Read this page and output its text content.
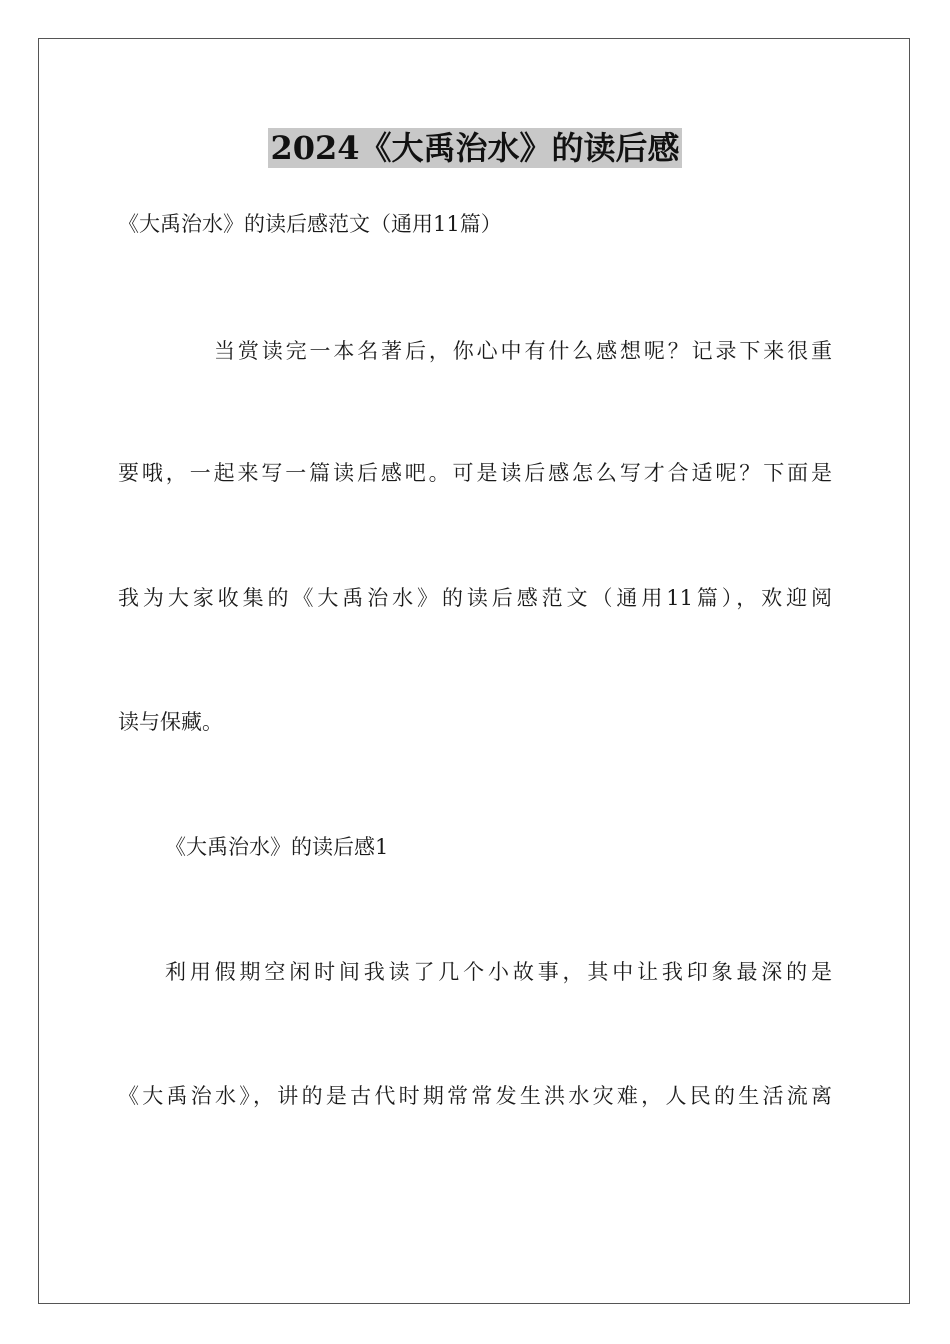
2024《大禹治水》的读后感
《大禹治水》的读后感范文（通用11篇）
当赏读完一本名著后，你心中有什么感想呢？记录下来很重
要哦，一起来写一篇读后感吧。可是读后感怎么写才合适呢？下面是
我为大家收集的《大禹治水》的读后感范文（通用11篇），欢迎阅
读与保藏。
《大禹治水》的读后感1
利用假期空闲时间我读了几个小故事，其中让我印象最深的是
《大禹治水》，讲的是古代时期常常发生洪水灾难，人民的生活流离
